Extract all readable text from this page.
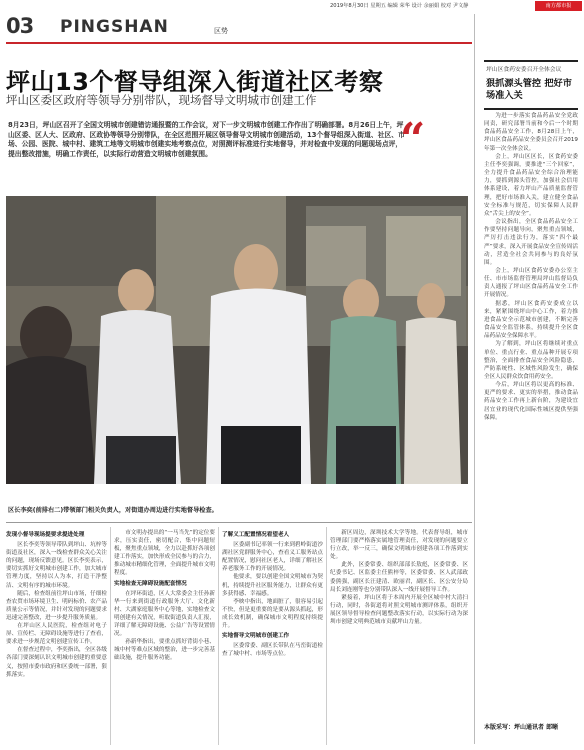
2019年8月30日 星期五 编辑 荣华 设计 余丽娟 校对 尹文静	南方都市报
03 PINGSHAN	区势
坪山13个督导组深入街道社区考察
坪山区委区政府等领导分别带队，现场督导文明城市创建工作
8月23日，坪山区召开了全国文明城市创建错访通报暨的工作会议，对下一步文明城市创建工作作出了明确部署。8月26日上午，坪山区委、区人大、区政府、区政协等领导分别带队，在全区范围开展区领导督导文明城市创建活动，13个督导组深入街道、社区、市场、公园、医院、城中村、建筑工地等文明城市创建实地考察点位，对照测评标准进行实地督导，并对检查中发现的问题现场点评，提出整改措施，明确工作责任，以实际行动营造文明城市创建氛围。	“
区长李奕(前排右二)带领部门相关负责人，对街道办周边进行实地督导检查。
发现小督导现场提要求提进处理

区长李奕等领导带队到坪山、坑梓等街道及社区，深入一线检查群众关心关注的问题，现场反馈意见。区长李奕表示，要切实抓好文明城市创建工作，加大城市管理力度，坚持以人为本，打造干净整洁、文明有序的城市环境。

随后，检查组前往坪山市场，仔细检查农贸市场环境卫生、明码标价、农产品质量公示等情况，并针对发现的问题要求迅速完善整改，进一步提升服务质量。

在坪山区人民医院，检查组对电子屏、宣传栏、无障碍设施等进行了查看，要求进一步规范文明创建宣传工作。

在督查过程中，李奕指出，全区各级各部门要深刻认识文明城市创建的重要意义，按照市委市政府和区委统一部署，狠抓落实。

市文明办提出的“一马当先”的定位要求，压实责任，密切配合，集中问题短板，聚焦重点领域，全力以赴抓好各项创建工作落实，加快形成全民参与的合力，推动城市精细化管理，全面提升城市文明程度。

实地检查无障碍设施配套情况

在坪环街道，区人大常委会主任孙新华一行来到街道行政服务大厅、文化新村、大湖家庭服务中心等地，实地检查文明创建有关情况，听取街道负责人汇报，详细了解无障碍设施、公益广告等设置情况。

孙新华指出，要重点抓好背街小巷、城中村等难点区域的整治，进一步完善基础设施，提升服务功能。

了解义工配置情况看望老人

区委副书记率领一行来到碧岭街道沙湖社区党群服务中心，查看义工服务站点配置情况，慰问社区老人，详细了解社区养老服务工作的开展情况。

他要求，要以创建全国文明城市为契机，持续提升社区服务能力，让群众有更多获得感、幸福感。

李映中指出，地面脏了，很容易引起不快，但是更重要的是要从源头抓起，形成长效机制，确保城市文明程度持续提升。

实地督导文明城市创建工作

区委常委、副区长带队在马峦街道检查了城中村、市场等点位。

新区周边，深圳技术大学等地。代表督导组，城市管理部门要严格落实属地管理责任，对发现的问题要立行立改，举一反三，确保文明城市创建各项工作落到实处。

此外，区委常委、组织部部长敖彪，区委常委、区纪委书记、区监委主任熊梓等，区委常委、区人武部政委熊强，副区长汪建清、欧丽君，副区长、区公安分局局长刘连刚等也分别带队深入一线开展督导工作。

紧接着，坪山区将于本周内开展全区城中村大清扫行动，同时，各街道将对照文明城市测评体系，组织开展区领导督导检查问题整改落实行动，以实际行动为深圳市创建文明典范城市贡献坪山力量。

坪山区食药安委召开全体会议
狠抓源头管控 把好市场准入关

为进一步落实食品药品安全党政同责，研究部署当前和今后一个时期食品药品安全工作，8月28日上午，坪山区食品药品安全委员会召开2019年第一次全体会议。

会上，坪山区区长，区食药安委主任李奕强调，要推进“三个回家”，全力提升食品药品安全综合治理能力，要抓到源头管控，加强社会信用体系建设，着力坪山产品质量监督管理，把好市场准入关，建立健全食品安全标准与规范，切实保障人民群众“舌尖上的安全”。

会议指出，全区食品药品安全工作要坚持问题导向，聚焦重点领域，严厉打击违法行为，落实“四个最严”要求，深入开展食品安全宣传周活动，营造全社会共同参与的良好氛围。

会上，坪山区食药安委办公室主任、市市场监督管理局坪山监督局负责人通报了坪山区食品药品安全工作开展情况。

据悉，坪山区食药安委成立以来，紧紧围绕坪山中心工作，着力推进食品安全示范城市创建，不断完善食品安全监管体系，持续提升全区食品药品安全保障水平。

为了解到，坪山区将继续对重点单位、重点行业、重点品种开展专项整治，全面排查食品安全风险隐患，严防系统性、区域性风险发生，确保全区人民群众饮食用药安全。

今后，坪山区将以更高的标准、更严的要求、更实的举措，推动食品药品安全工作再上新台阶，为建设宜居宜业的现代化国际性城区提供坚强保障。

本版采写：坪山通讯者 郎晰
